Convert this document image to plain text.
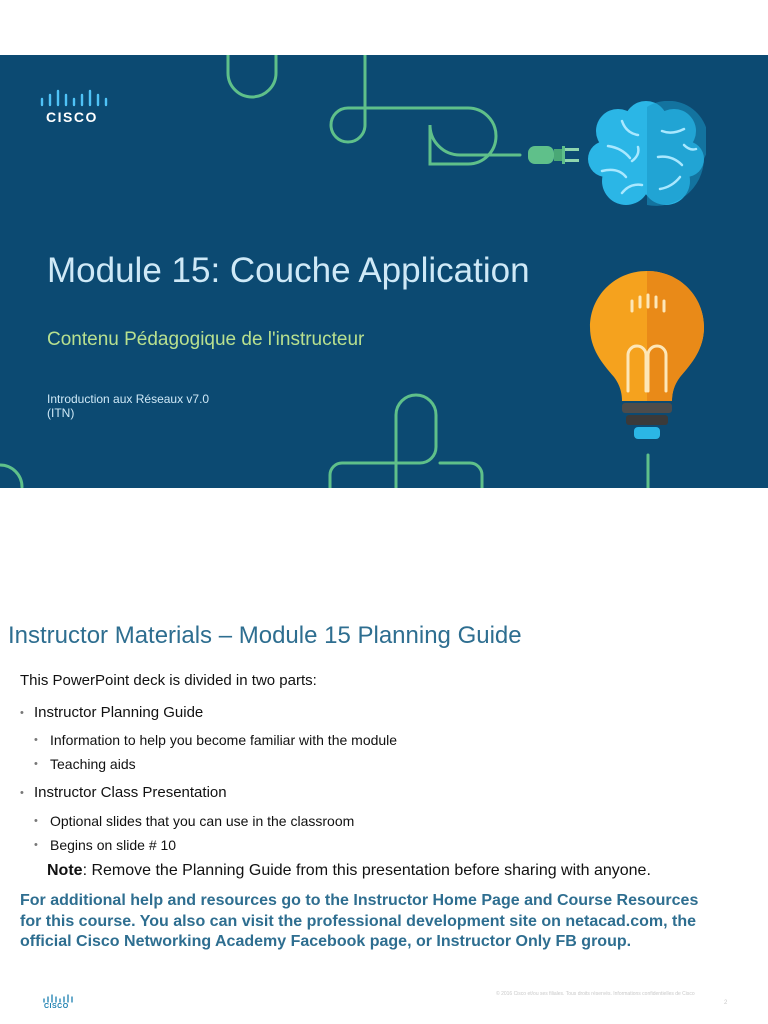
CISCO
Module 15: Couche Application
Contenu Pédagogique de l'instructeur
Introduction aux Réseaux v7.0
(ITN)
Instructor Materials – Module 15 Planning Guide
This PowerPoint deck is divided in two parts:
• Instructor Planning Guide
• Information to help you become familiar with the module
• Teaching aids
• Instructor Class Presentation
• Optional slides that you can use in the classroom
• Begins on slide # 10
Note: Remove the Planning Guide from this presentation before sharing with anyone.
For additional help and resources go to the Instructor Home Page and Course Resources for this course. You also can visit the professional development site on netacad.com, the official Cisco Networking Academy Facebook page, or Instructor Only FB group.
CISCO
© 2016 Cisco et/ou ses filiales. Tous droits réservés. Informations confidentielles de Cisco
2
